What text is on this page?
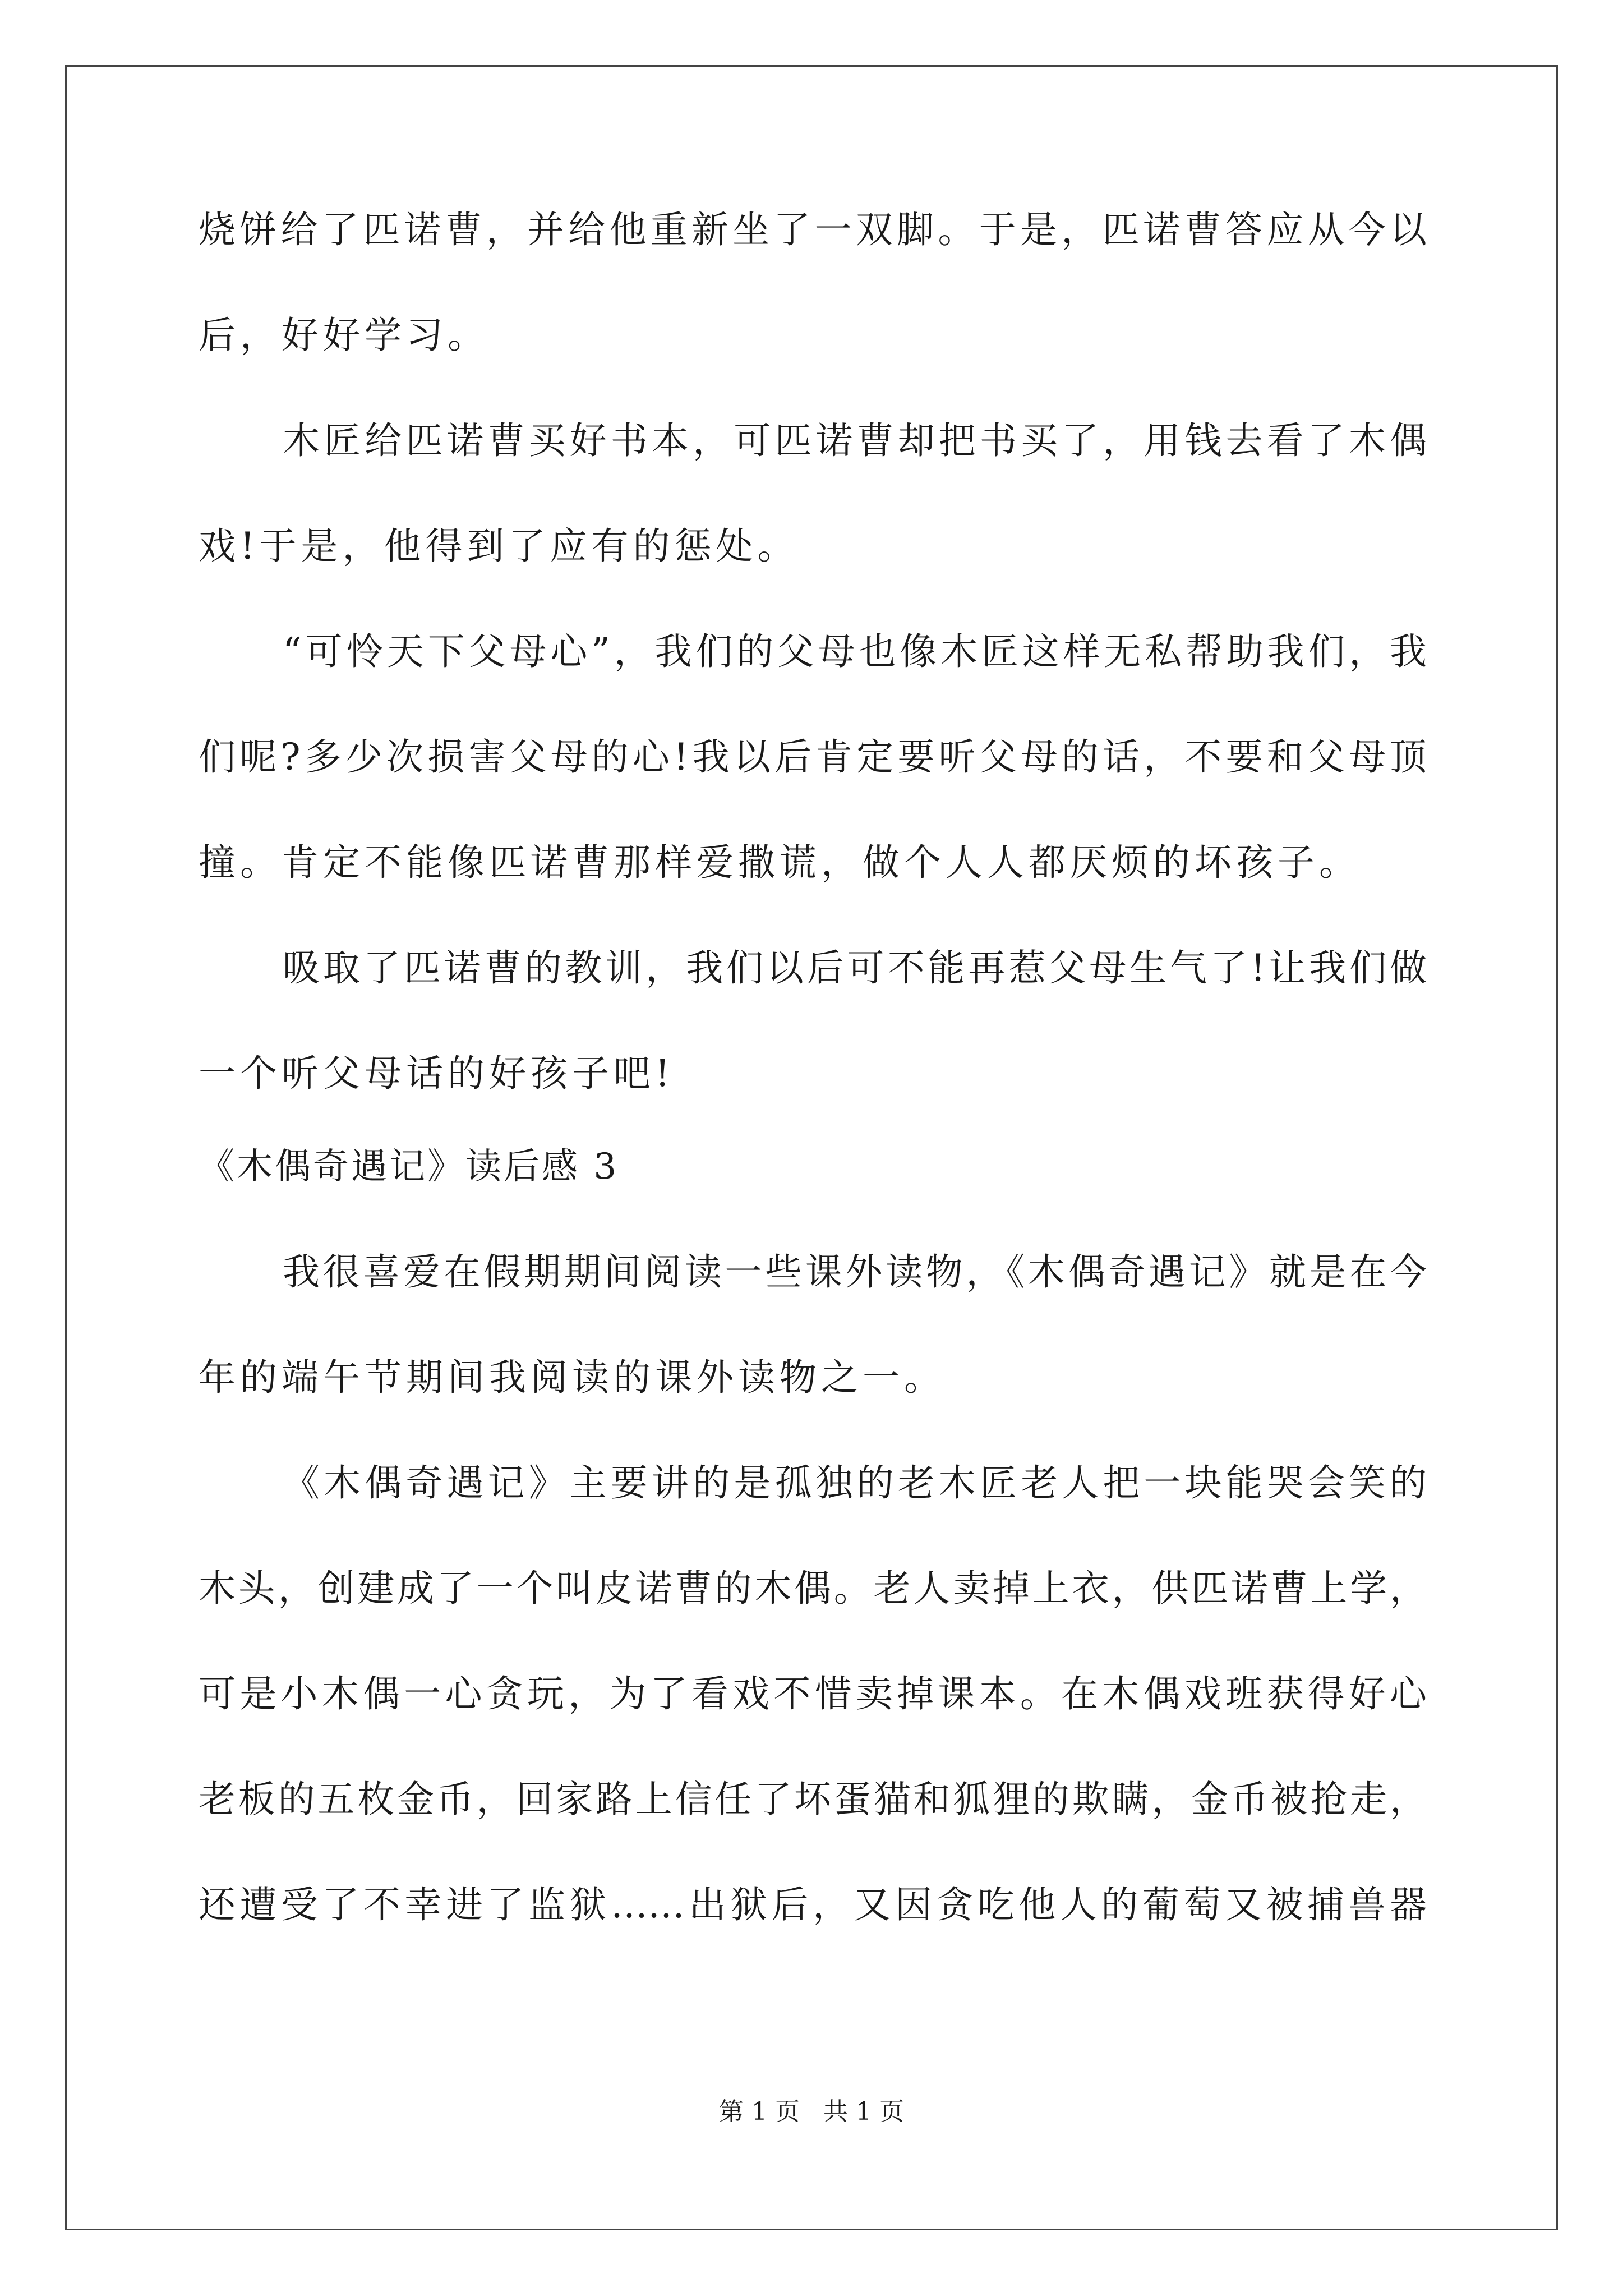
烧饼给了匹诺曹，并给他重新坐了一双脚。于是，匹诺曹答应从今以
后，好好学习。
木匠给匹诺曹买好书本，可匹诺曹却把书买了，用钱去看了木偶
戏!于是，他得到了应有的惩处。
“可怜天下父母心”，我们的父母也像木匠这样无私帮助我们，我
们呢?多少次损害父母的心!我以后肯定要听父母的话，不要和父母顶
撞。肯定不能像匹诺曹那样爱撒谎，做个人人都厌烦的坏孩子。
吸取了匹诺曹的教训，我们以后可不能再惹父母生气了!让我们做
一个听父母话的好孩子吧!
《木偶奇遇记》读后感 3
我很喜爱在假期期间阅读一些课外读物，《木偶奇遇记》就是在今
年的端午节期间我阅读的课外读物之一。
《木偶奇遇记》主要讲的是孤独的老木匠老人把一块能哭会笑的
木头，创建成了一个叫皮诺曹的木偶。老人卖掉上衣，供匹诺曹上学，
可是小木偶一心贪玩，为了看戏不惜卖掉课本。在木偶戏班获得好心
老板的五枚金币，回家路上信任了坏蛋猫和狐狸的欺瞒，金币被抢走，
还遭受了不幸进了监狱……出狱后，又因贪吃他人的葡萄又被捕兽器
第 1 页 共 1 页
